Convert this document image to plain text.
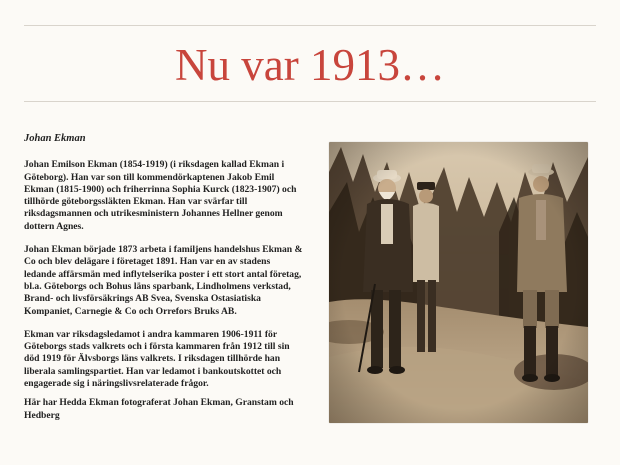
Nu var 1913…
Johan Ekman

Johan Emilson Ekman (1854-1919) (i riksdagen kallad Ekman i Göteborg). Han var son till kommendörkaptenen Jakob Emil Ekman (1815-1900) och friherrinna Sophia Kurck (1823-1907) och tillhörde göteborgssläkten Ekman. Han var svärfar till riksdagsmannen och utrikesministern Johannes Hellner genom dottern Agnes.

Johan Ekman började 1873 arbeta i familjens handelshus Ekman & Co och blev delägare i företaget 1891. Han var en av stadens ledande affärsmän med inflytelserika poster i ett stort antal företag, bl.a. Göteborgs och Bohus läns sparbank, Lindholmens verkstad, Brand- och livsförsäkrings AB Svea, Svenska Ostasiatiska Kompaniet, Carnegie & Co och Orrefors Bruks AB.

Ekman var riksdagsledamot i andra kammaren 1906-1911 för Göteborgs stads valkrets och i första kammaren från 1912 till sin död 1919 för Älvsborgs läns valkrets. I riksdagen tillhörde han liberala samlingspartiet. Han var ledamot i bankoutskottet och engagerade sig i näringslivsrelaterade frågor.

Här har Hedda Ekman fotograferat Johan Ekman, Granstam och Hedberg
